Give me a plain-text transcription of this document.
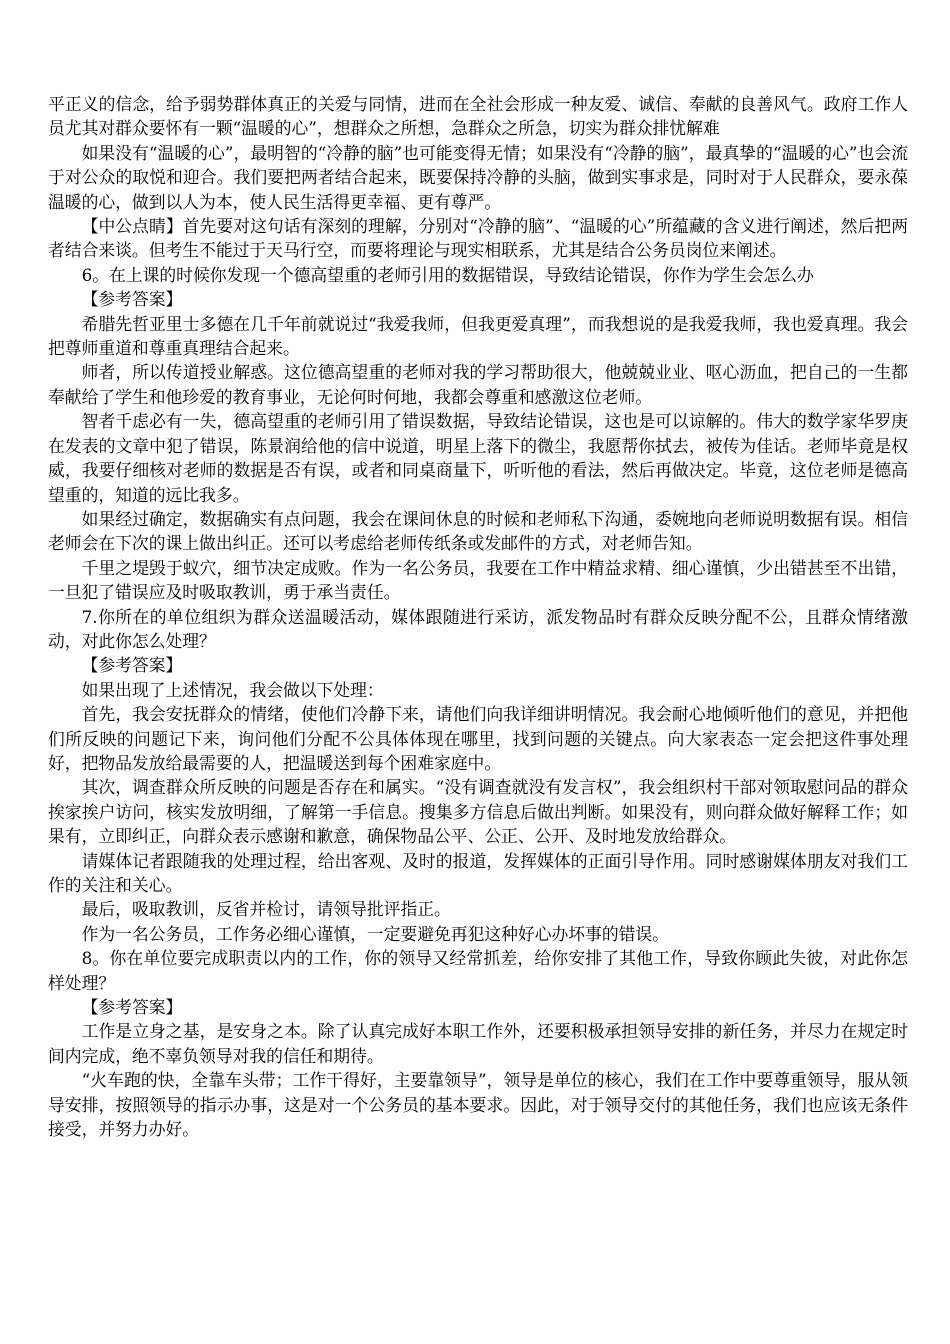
平正义的信念，给予弱势群体真正的关爱与同情，进而在全社会形成一种友爱、诚信、奉献的良善风气。政府工作人员尤其对群众要怀有一颗“温暖的心”，想群众之所想，急群众之所急，切实为群众排忧解难

如果没有“温暖的心”，最明智的“冷静的脑”也可能变得无情；如果没有“冷静的脑”，最真挚的“温暖的心”也会流于对公众的取悦和迎合。我们要把两者结合起来，既要保持冷静的头脑，做到实事求是，同时对于人民群众，要永葆温暖的心，做到以人为本，使人民生活得更幸福、更有尊严。

【中公点睛】首先要对这句话有深刻的理解，分别对“冷静的脑”、“温暖的心”所蕴藏的含义进行阐述，然后把两者结合来谈。但考生不能过于天马行空，而要将理论与现实相联系，尤其是结合公务员岗位来阐述。

6。在上课的时候你发现一个德高望重的老师引用的数据错误，导致结论错误，你作为学生会怎么办

【参考答案】

希腊先哲亚里士多德在几千年前就说过“我爱我师，但我更爱真理”，而我想说的是我爱我师，我也爱真理。我会把尊师重道和尊重真理结合起来。

师者，所以传道授业解惑。这位德高望重的老师对我的学习帮助很大，他兢兢业业、呕心沥血，把自己的一生都奉献给了学生和他珍爱的教育事业，无论何时何地，我都会尊重和感激这位老师。

智者千虑必有一失，德高望重的老师引用了错误数据，导致结论错误，这也是可以谅解的。伟大的数学家华罗庚在发表的文章中犯了错误，陈景润给他的信中说道，明星上落下的微尘，我愿帮你拭去，被传为佳话。老师毕竟是权威，我要仔细核对老师的数据是否有误，或者和同桌商量下，听听他的看法，然后再做决定。毕竟，这位老师是德高望重的，知道的远比我多。

如果经过确定，数据确实有点问题，我会在课间休息的时候和老师私下沟通，委婉地向老师说明数据有误。相信老师会在下次的课上做出纠正。还可以考虑给老师传纸条或发邮件的方式，对老师告知。

千里之堤毁于蚁穴，细节决定成败。作为一名公务员，我要在工作中精益求精、细心谨慎，少出错甚至不出错，一旦犯了错误应及时吸取教训，勇于承当责任。

7.你所在的单位组织为群众送温暖活动，媒体跟随进行采访，派发物品时有群众反映分配不公，且群众情绪激动，对此你怎么处理？

【参考答案】

如果出现了上述情况，我会做以下处理：

首先，我会安抚群众的情绪，使他们冷静下来，请他们向我详细讲明情况。我会耐心地倾听他们的意见，并把他们所反映的问题记下来，询问他们分配不公具体体现在哪里，找到问题的关键点。向大家表态一定会把这件事处理好，把物品发放给最需要的人，把温暖送到每个困难家庭中。

其次，调查群众所反映的问题是否存在和属实。“没有调查就没有发言权”，我会组织村干部对领取慰问品的群众挨家挨户访问，核实发放明细，了解第一手信息。搜集多方信息后做出判断。如果没有，则向群众做好解释工作；如果有，立即纠正，向群众表示感谢和歉意，确保物品公平、公正、公开、及时地发放给群众。

请媒体记者跟随我的处理过程，给出客观、及时的报道，发挥媒体的正面引导作用。同时感谢媒体朋友对我们工作的关注和关心。

最后，吸取教训，反省并检讨，请领导批评指正。

作为一名公务员，工作务必细心谨慎，一定要避免再犯这种好心办坏事的错误。

8。你在单位要完成职责以内的工作，你的领导又经常抓差，给你安排了其他工作，导致你顾此失彼，对此你怎样处理？

【参考答案】

工作是立身之基，是安身之本。除了认真完成好本职工作外，还要积极承担领导安排的新任务，并尽力在规定时间内完成，绝不辜负领导对我的信任和期待。

“火车跑的快，全靠车头带；工作干得好，主要靠领导”，领导是单位的核心，我们在工作中要尊重领导，服从领导安排，按照领导的指示办事，这是对一个公务员的基本要求。因此，对于领导交付的其他任务，我们也应该无条件接受，并努力办好。
